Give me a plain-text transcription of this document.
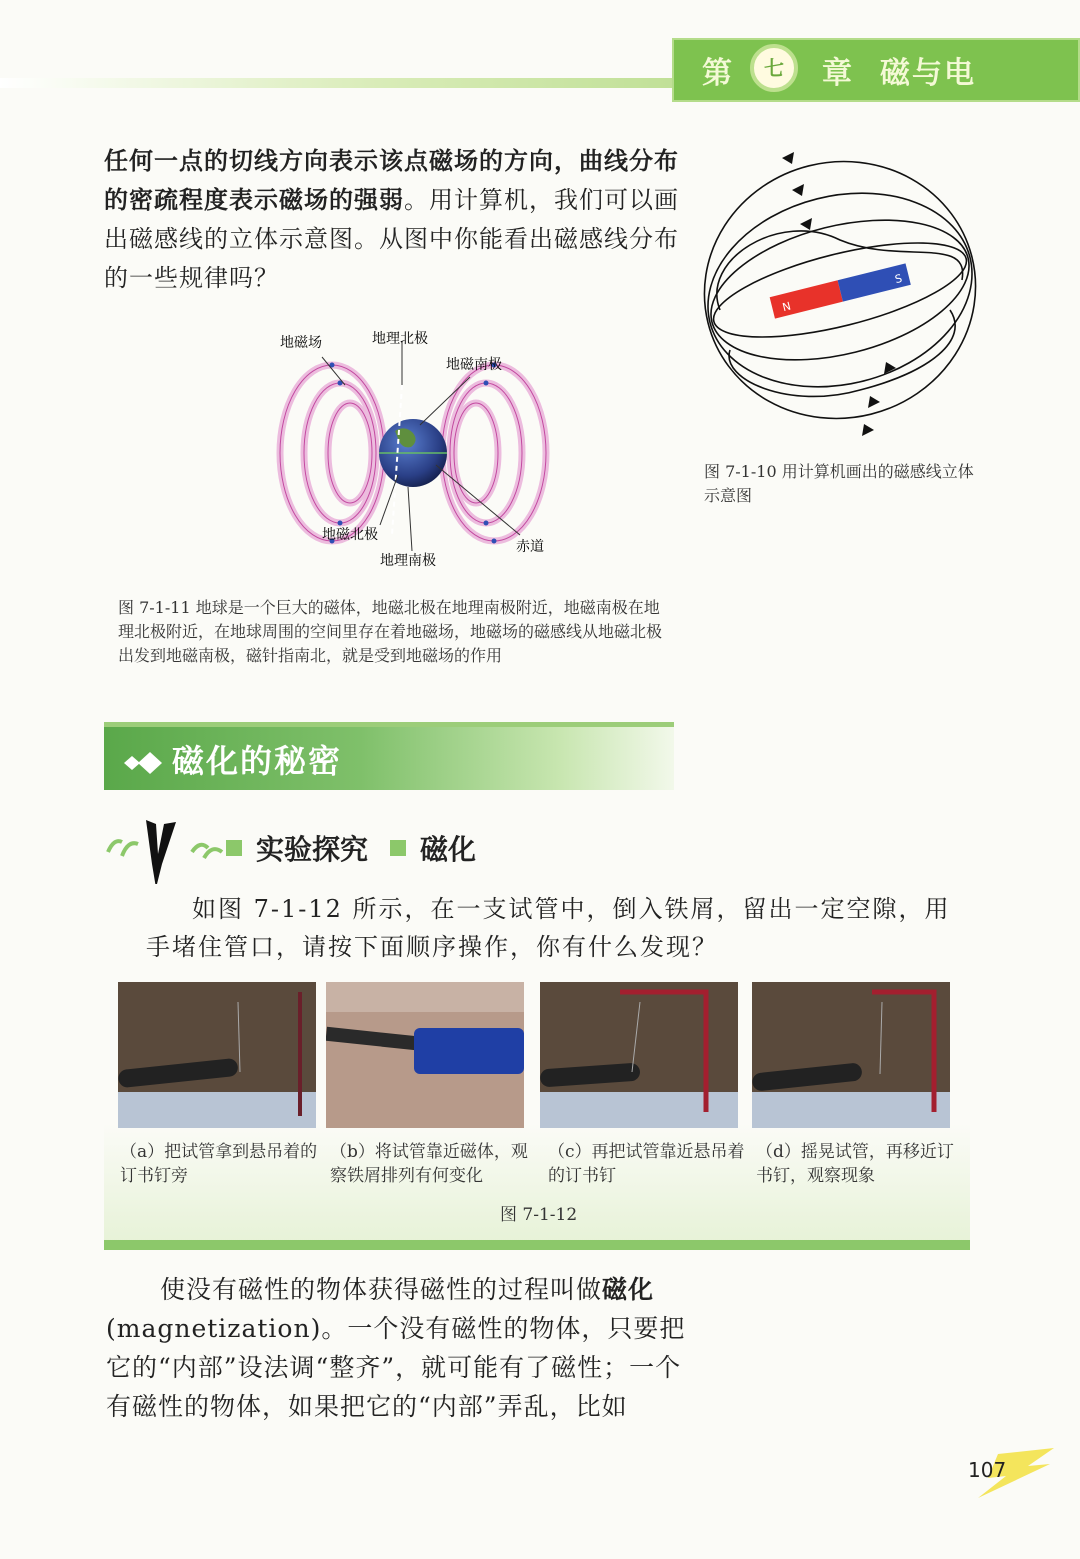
第	七	章 磁与电
任何一点的切线方向表示该点磁场的方向，曲线分布的密疏程度表示磁场的强弱。用计算机，我们可以画出磁感线的立体示意图。从图中你能看出磁感线分布的一些规律吗？
N
S
图 7-1-10 用计算机画出的磁感线立体示意图
地磁场	地理北极
地磁南极
地磁北极
地理南极
赤道
图 7-1-11 地球是一个巨大的磁体，地磁北极在地理南极附近，地磁南极在地理北极附近，在地球周围的空间里存在着地磁场，地磁场的磁感线从地磁北极出发到地磁南极，磁针指南北，就是受到地磁场的作用
磁化的秘密
实验探究 磁化
如图 7-1-12 所示，在一支试管中，倒入铁屑，留出一定空隙，用手堵住管口，请按下面顺序操作，你有什么发现？
（a）把试管拿到悬吊着的订书钉旁
（b）将试管靠近磁体，观察铁屑排列有何变化
（c）再把试管靠近悬吊着的订书钉
（d）摇晃试管，再移近订书钉，观察现象
图 7-1-12
使没有磁性的物体获得磁性的过程叫做磁化(magnetization)。一个没有磁性的物体，只要把它的“内部”设法调“整齐”，就可能有了磁性；一个有磁性的物体，如果把它的“内部”弄乱，比如
107
